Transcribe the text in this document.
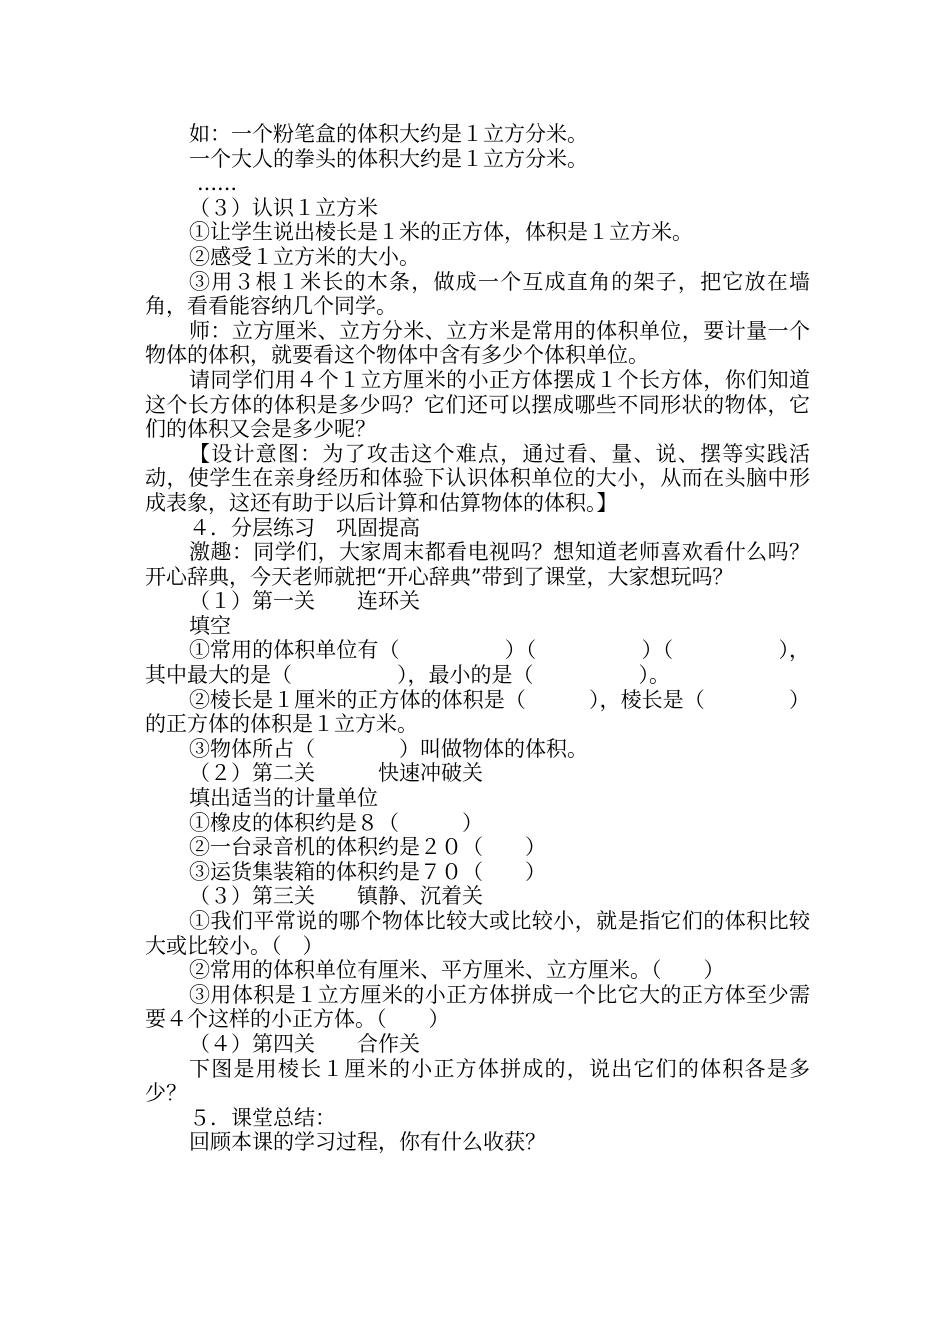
如：一个粉笔盒的体积大约是１立方分米。

一个大人的拳头的体积大约是１立方分米。

......

（３）认识１立方米

①让学生说出棱长是１米的正方体，体积是１立方米。

②感受１立方米的大小。

③用３根１米长的木条，做成一个互成直角的架子，把它放在墙角，看看能容纳几个同学。

师：立方厘米、立方分米、立方米是常用的体积单位，要计量一个物体的体积，就要看这个物体中含有多少个体积单位。

请同学们用４个１立方厘米的小正方体摆成１个长方体，你们知道这个长方体的体积是多少吗？它们还可以摆成哪些不同形状的物体，它们的体积又会是多少呢？

【设计意图：为了攻击这个难点，通过看、量、说、摆等实践活动，使学生在亲身经历和体验下认识体积单位的大小，从而在头脑中形成表象，这还有助于以后计算和估算物体的体积。】

４．分层练习　巩固提高

激趣：同学们，大家周末都看电视吗？想知道老师喜欢看什么吗？开心辞典，今天老师就把“开心辞典”带到了课堂，大家想玩吗？

（１）第一关　　连环关

填空

①常用的体积单位有（　　　　　）（　　　　　）（　　　　　），其中最大的是（　　　　　），最小的是（　　　　　）。

②棱长是１厘米的正方体的体积是（　　　），棱长是（　　　　）的正方体的体积是１立方米。

③物体所占（　　　　）叫做物体的体积。

（２）第二关　　　快速冲破关

填出适当的计量单位

①橡皮的体积约是８（　　　）

②一台录音机的体积约是２０（　　）

③运货集装箱的体积约是７０（　　）

（３）第三关　　镇静、沉着关

①我们平常说的哪个物体比较大或比较小，就是指它们的体积比较大或比较小。（　）

②常用的体积单位有厘米、平方厘米、立方厘米。（　　）

③用体积是１立方厘米的小正方体拼成一个比它大的正方体至少需要４个这样的小正方体。（　　）

（４）第四关　　合作关

下图是用棱长１厘米的小正方体拼成的，说出它们的体积各是多少？

５．课堂总结：

回顾本课的学习过程，你有什么收获？
